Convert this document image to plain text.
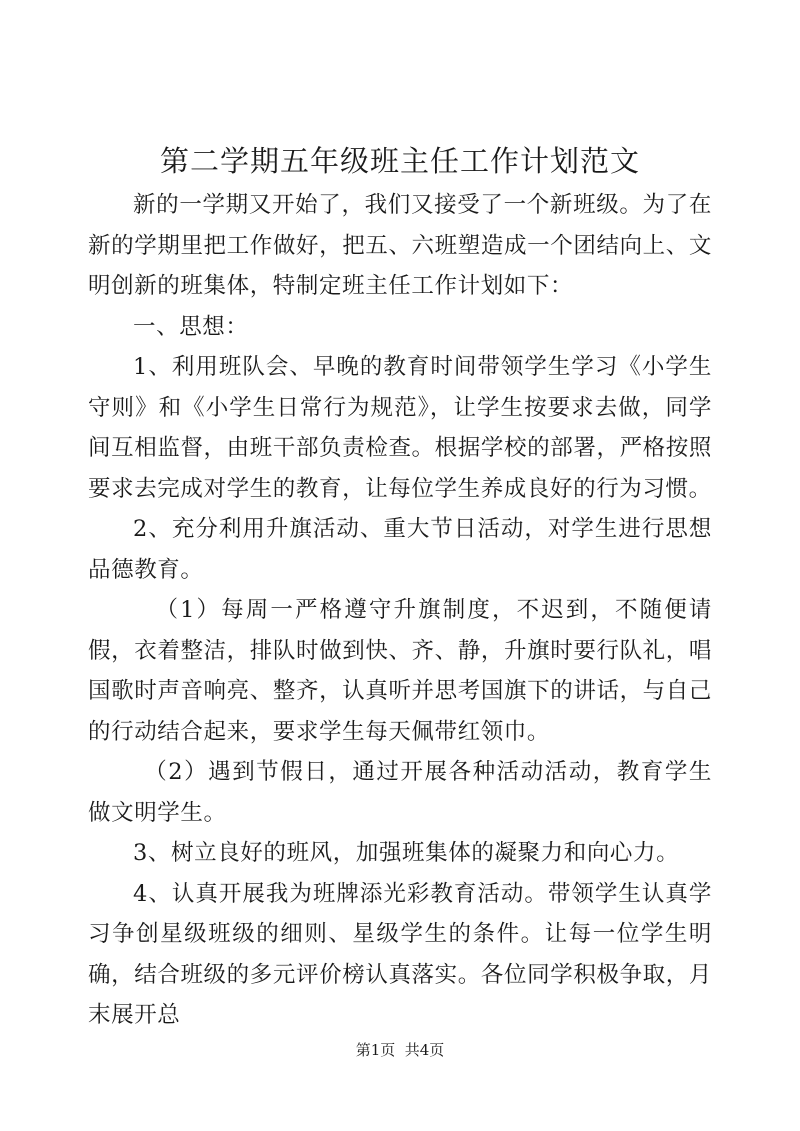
第二学期五年级班主任工作计划范文

新的一学期又开始了，我们又接受了一个新班级。为了在新的学期里把工作做好，把五、六班塑造成一个团结向上、文明创新的班集体，特制定班主任工作计划如下：

一、思想：

1、利用班队会、早晚的教育时间带领学生学习《小学生守则》和《小学生日常行为规范》，让学生按要求去做，同学间互相监督，由班干部负责检查。根据学校的部署，严格按照要求去完成对学生的教育，让每位学生养成良好的行为习惯。

2、充分利用升旗活动、重大节日活动，对学生进行思想品德教育。

（1）每周一严格遵守升旗制度，不迟到，不随便请假，衣着整洁，排队时做到快、齐、静，升旗时要行队礼，唱国歌时声音响亮、整齐，认真听并思考国旗下的讲话，与自己的行动结合起来，要求学生每天佩带红领巾。

（2）遇到节假日，通过开展各种活动活动，教育学生做文明学生。

3、树立良好的班风，加强班集体的凝聚力和向心力。

4、认真开展我为班牌添光彩教育活动。带领学生认真学习争创星级班级的细则、星级学生的条件。让每一位学生明确，结合班级的多元评价榜认真落实。各位同学积极争取，月末展开总

第1页  共4页
